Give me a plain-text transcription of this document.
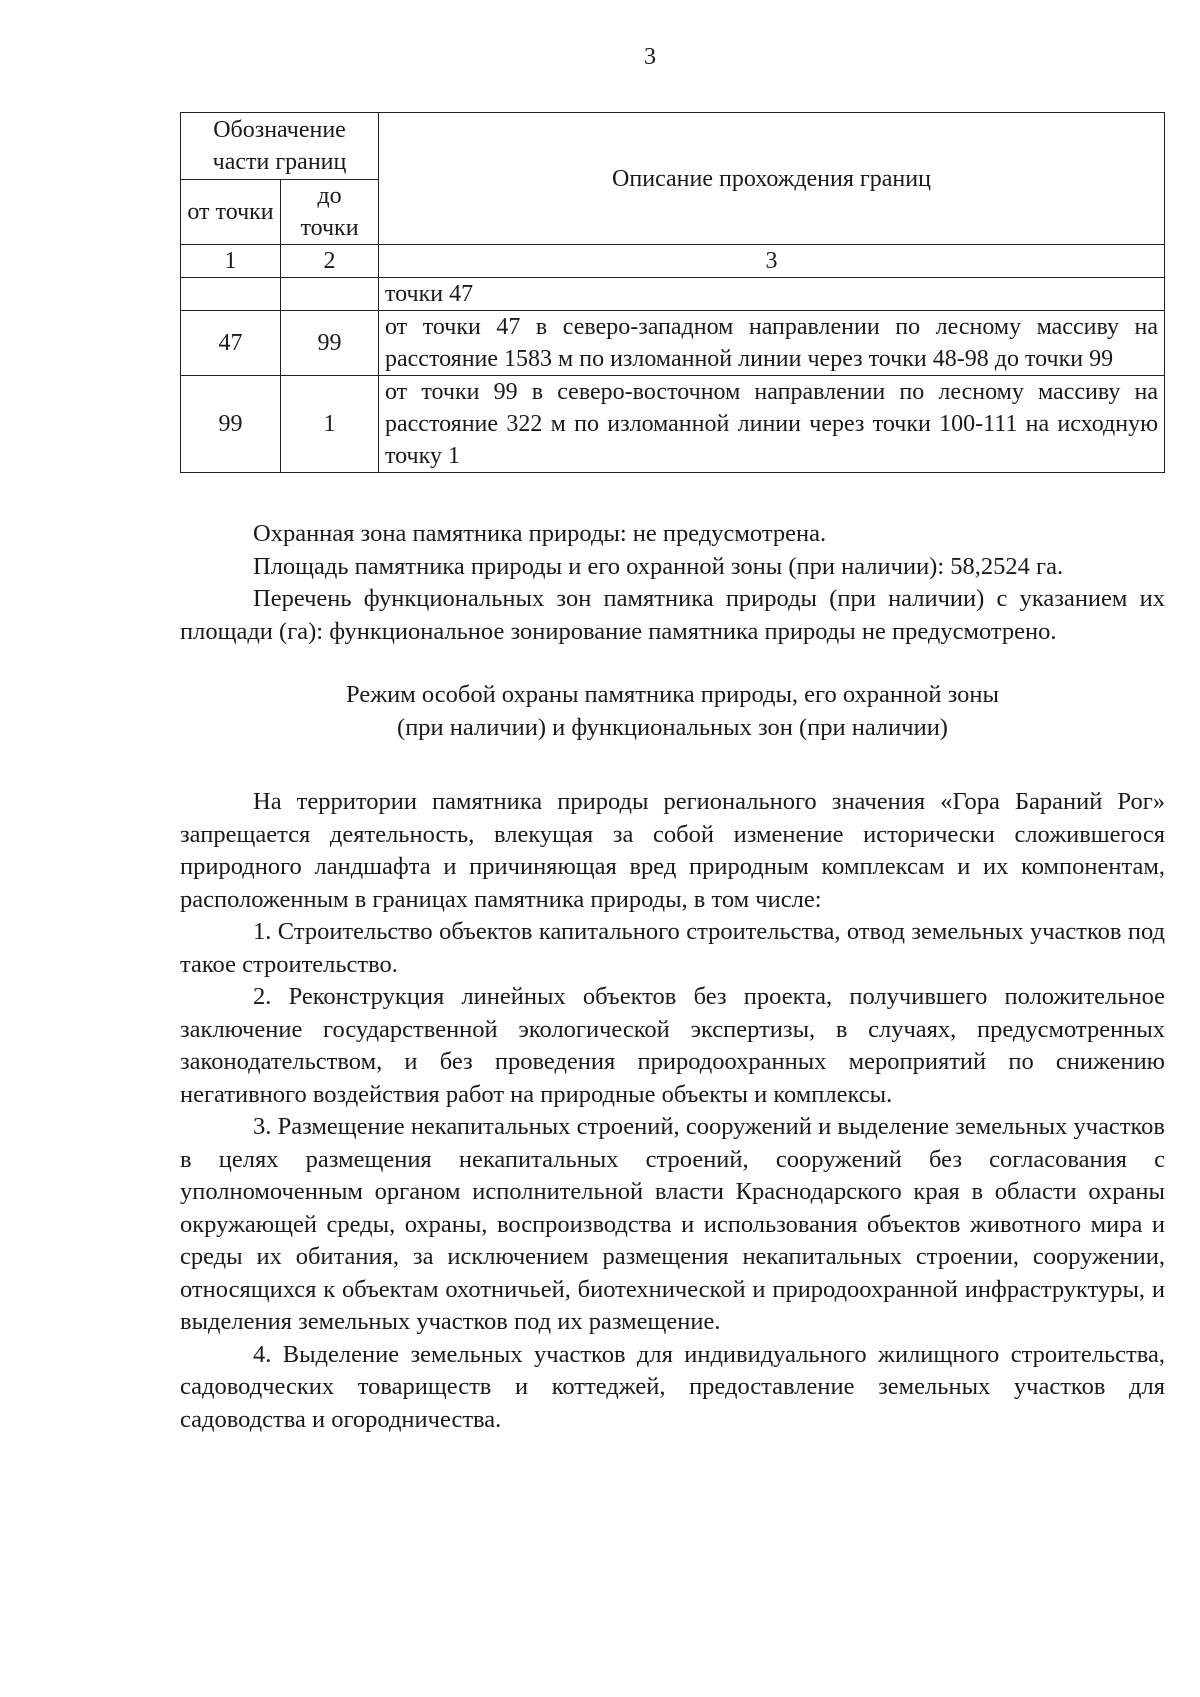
3
Обозначение части границ		Описание прохождения границ
от точки	до точки	
1	2	3
		точки 47
47	99	от точки 47 в северо-западном направлении по лесному массиву на расстояние 1583 м по изломанной линии через точки 48-98 до точки 99
99	1	от точки 99 в северо-восточном направлении по лесному массиву на расстояние 322 м по изломанной линии через точки 100-111 на исходную точку 1

Охранная зона памятника природы: не предусмотрена.

Площадь памятника природы и его охранной зоны (при наличии): 58,2524 га.

Перечень функциональных зон памятника природы (при наличии) с указанием их площади (га): функциональное зонирование памятника природы не предусмотрено.

Режим особой охраны памятника природы, его охранной зоны
(при наличии) и функциональных зон (при наличии)

На территории памятника природы регионального значения «Гора Бараний Рог» запрещается деятельность, влекущая за собой изменение исторически сложившегося природного ландшафта и причиняющая вред природным комплексам и их компонентам, расположенным в границах памятника природы, в том числе:

1. Строительство объектов капитального строительства, отвод земельных участков под такое строительство.

2. Реконструкция линейных объектов без проекта, получившего положительное заключение государственной экологической экспертизы, в случаях, предусмотренных законодательством, и без проведения природоохранных мероприятий по снижению негативного воздействия работ на природные объекты и комплексы.

3. Размещение некапитальных строений, сооружений и выделение земельных участков в целях размещения некапитальных строений, сооружений без согласования с уполномоченным органом исполнительной власти Краснодарского края в области охраны окружающей среды, охраны, воспроизводства и использования объектов животного мира и среды их обитания, за исключением размещения некапитальных строении, сооружении, относящихся к объектам охотничьей, биотехнической и природоохранной инфраструктуры, и выделения земельных участков под их размещение.

4. Выделение земельных участков для индивидуального жилищного строительства, садоводческих товариществ и коттеджей, предоставление земельных участков для садоводства и огородничества.
